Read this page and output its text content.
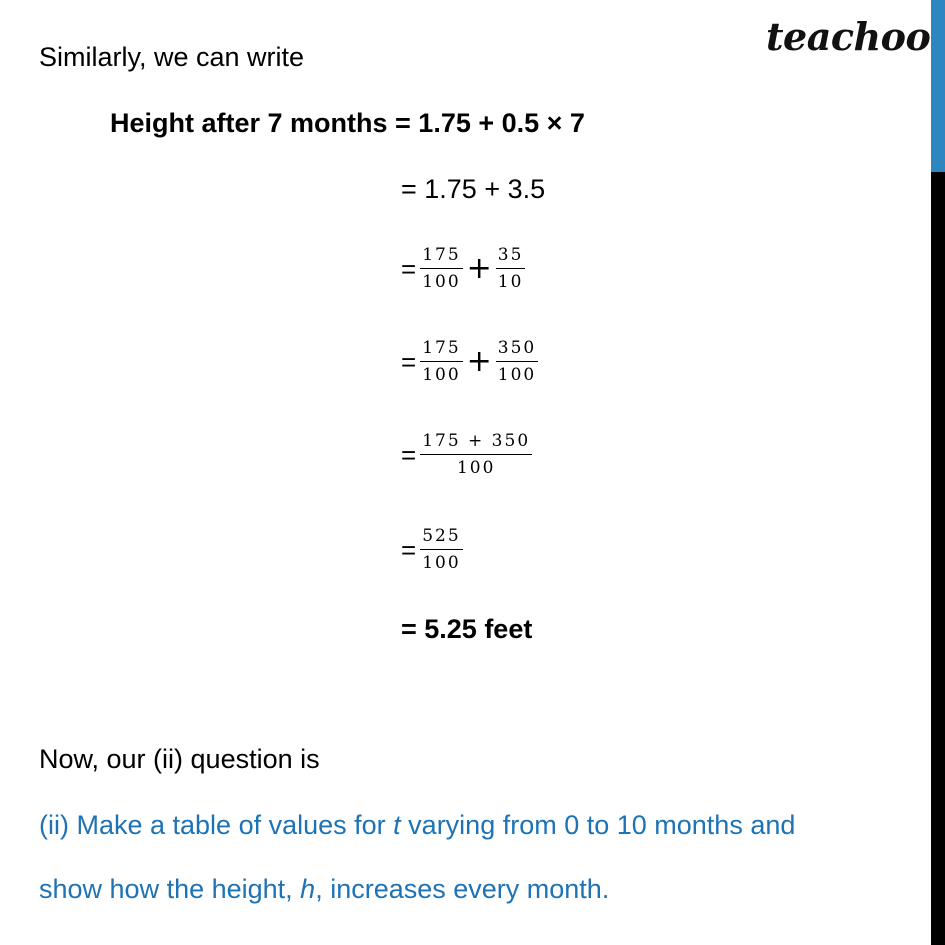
teachoo
Similarly, we can write
Height after 7 months = 1.75 + 0.5 × 7
= 1.75 + 3.5
= $\frac{175}{100} + \frac{35}{10}$
= $\frac{175}{100} + \frac{350}{100}$
= $\frac{175 + 350}{100}$
= $\frac{525}{100}$
= 5.25 feet
Now, our (ii) question is
(ii) Make a table of values for t varying from 0 to 10 months and
show how the height, h, increases every month.
